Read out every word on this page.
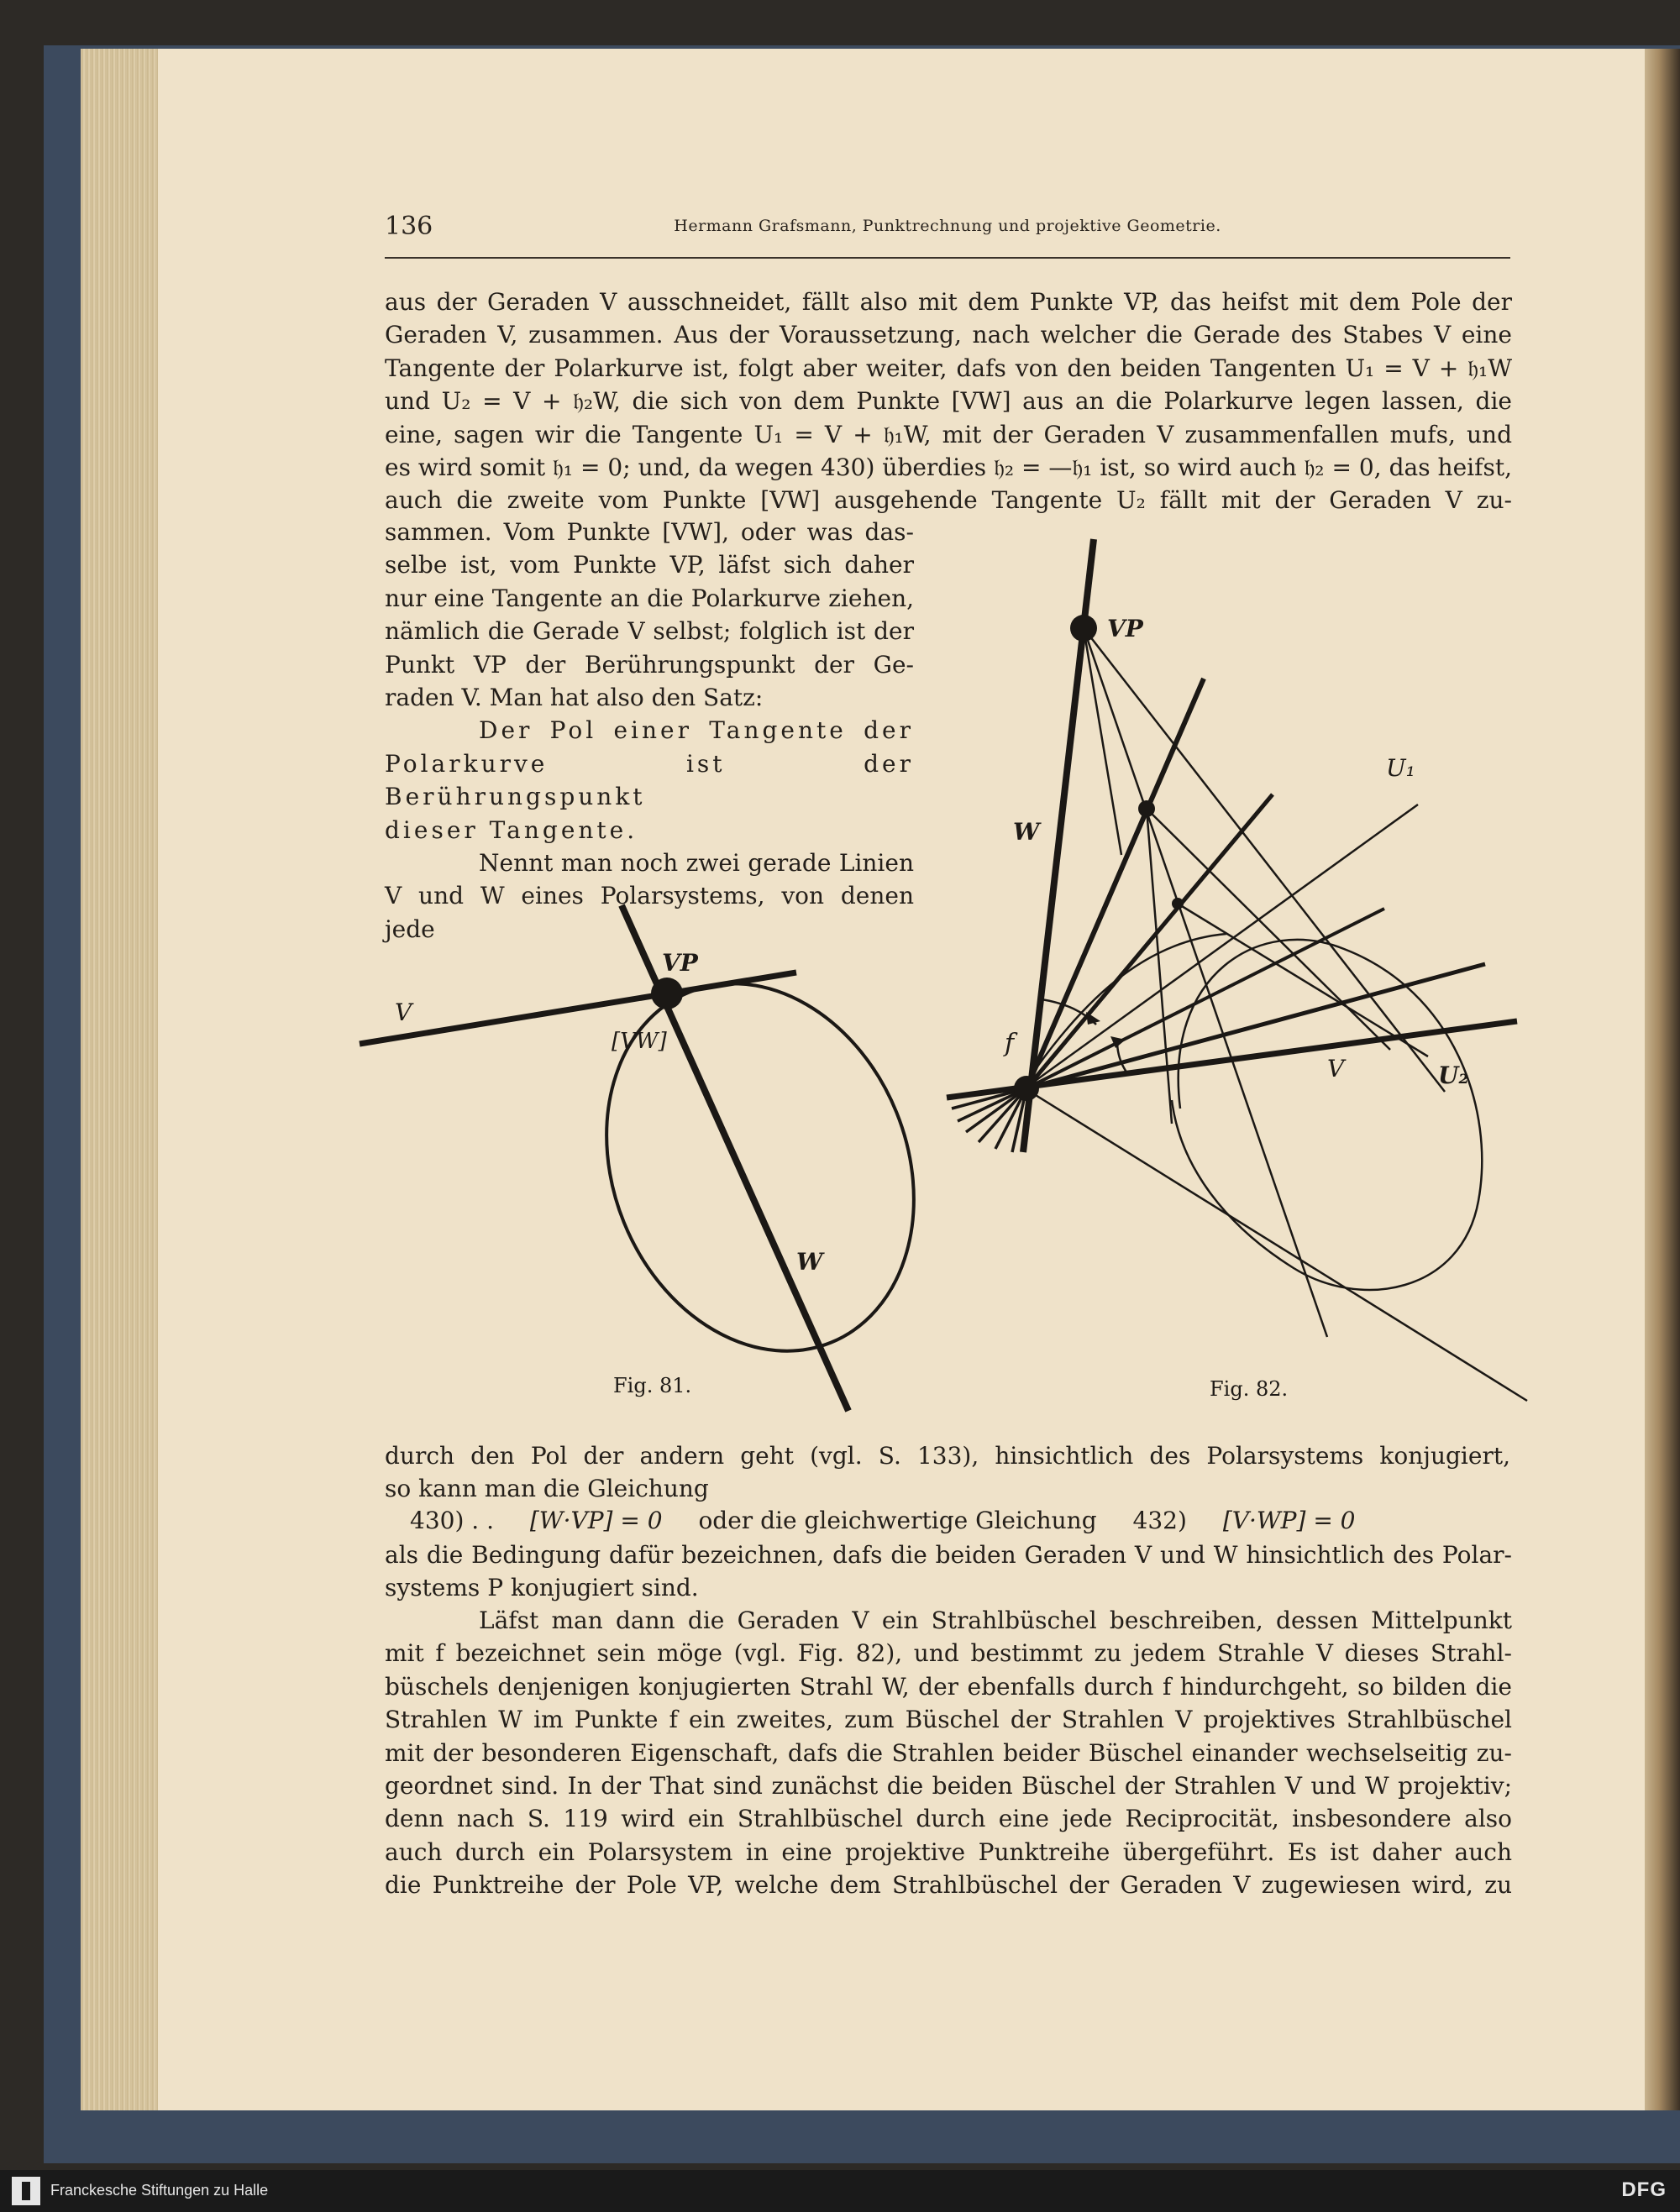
136	Hermann Grafsmann, Punktrechnung und projektive Geometrie.

aus der Geraden V ausschneidet, fällt also mit dem Punkte VP, das heifst mit dem Pole der

Geraden V, zusammen. Aus der Voraussetzung, nach welcher die Gerade des Stabes V eine

Tangente der Polarkurve ist, folgt aber weiter, dafs von den beiden Tangenten U₁ = V + 𝔥₁W

und U₂ = V + 𝔥₂W, die sich von dem Punkte [VW] aus an die Polarkurve legen lassen, die

eine, sagen wir die Tangente U₁ = V + 𝔥₁W, mit der Geraden V zusammenfallen mufs, und

es wird somit 𝔥₁ = 0; und, da wegen 430) überdies 𝔥₂ = —𝔥₁ ist, so wird auch 𝔥₂ = 0, das heifst,

auch die zweite vom Punkte [VW] ausgehende Tangente U₂ fällt mit der Geraden V zu-

sammen. Vom Punkte [VW], oder was das-

selbe ist, vom Punkte VP, läfst sich daher

nur eine Tangente an die Polarkurve ziehen,

nämlich die Gerade V selbst; folglich ist der

Punkt VP der Berührungspunkt der Ge-

raden V. Man hat also den Satz:

Der Pol einer Tangente der

Polarkurve ist der Berührungspunkt

dieser Tangente.

Nennt man noch zwei gerade Linien

V und W eines Polarsystems, von denen jede

V
VP
[VW]
W
Fig. 81.
VP
W
U₁
U₂
V
f
Fig. 82.

durch den Pol der andern geht (vgl. S. 133), hinsichtlich des Polarsystems konjugiert,

so kann man die Gleichung

430) . . [W·VP] = 0 oder die gleichwertige Gleichung 432) [V·WP] = 0

als die Bedingung dafür bezeichnen, dafs die beiden Geraden V und W hinsichtlich des Polar-

systems P konjugiert sind.

Läfst man dann die Geraden V ein Strahlbüschel beschreiben, dessen Mittelpunkt

mit f bezeichnet sein möge (vgl. Fig. 82), und bestimmt zu jedem Strahle V dieses Strahl-

büschels denjenigen konjugierten Strahl W, der ebenfalls durch f hindurchgeht, so bilden die

Strahlen W im Punkte f ein zweites, zum Büschel der Strahlen V projektives Strahlbüschel

mit der besonderen Eigenschaft, dafs die Strahlen beider Büschel einander wechselseitig zu-

geordnet sind. In der That sind zunächst die beiden Büschel der Strahlen V und W projektiv;

denn nach S. 119 wird ein Strahlbüschel durch eine jede Reciprocität, insbesondere also

auch durch ein Polarsystem in eine projektive Punktreihe übergeführt. Es ist daher auch

die Punktreihe der Pole VP, welche dem Strahlbüschel der Geraden V zugewiesen wird, zu

Franckesche Stiftungen zu Halle	DFG
